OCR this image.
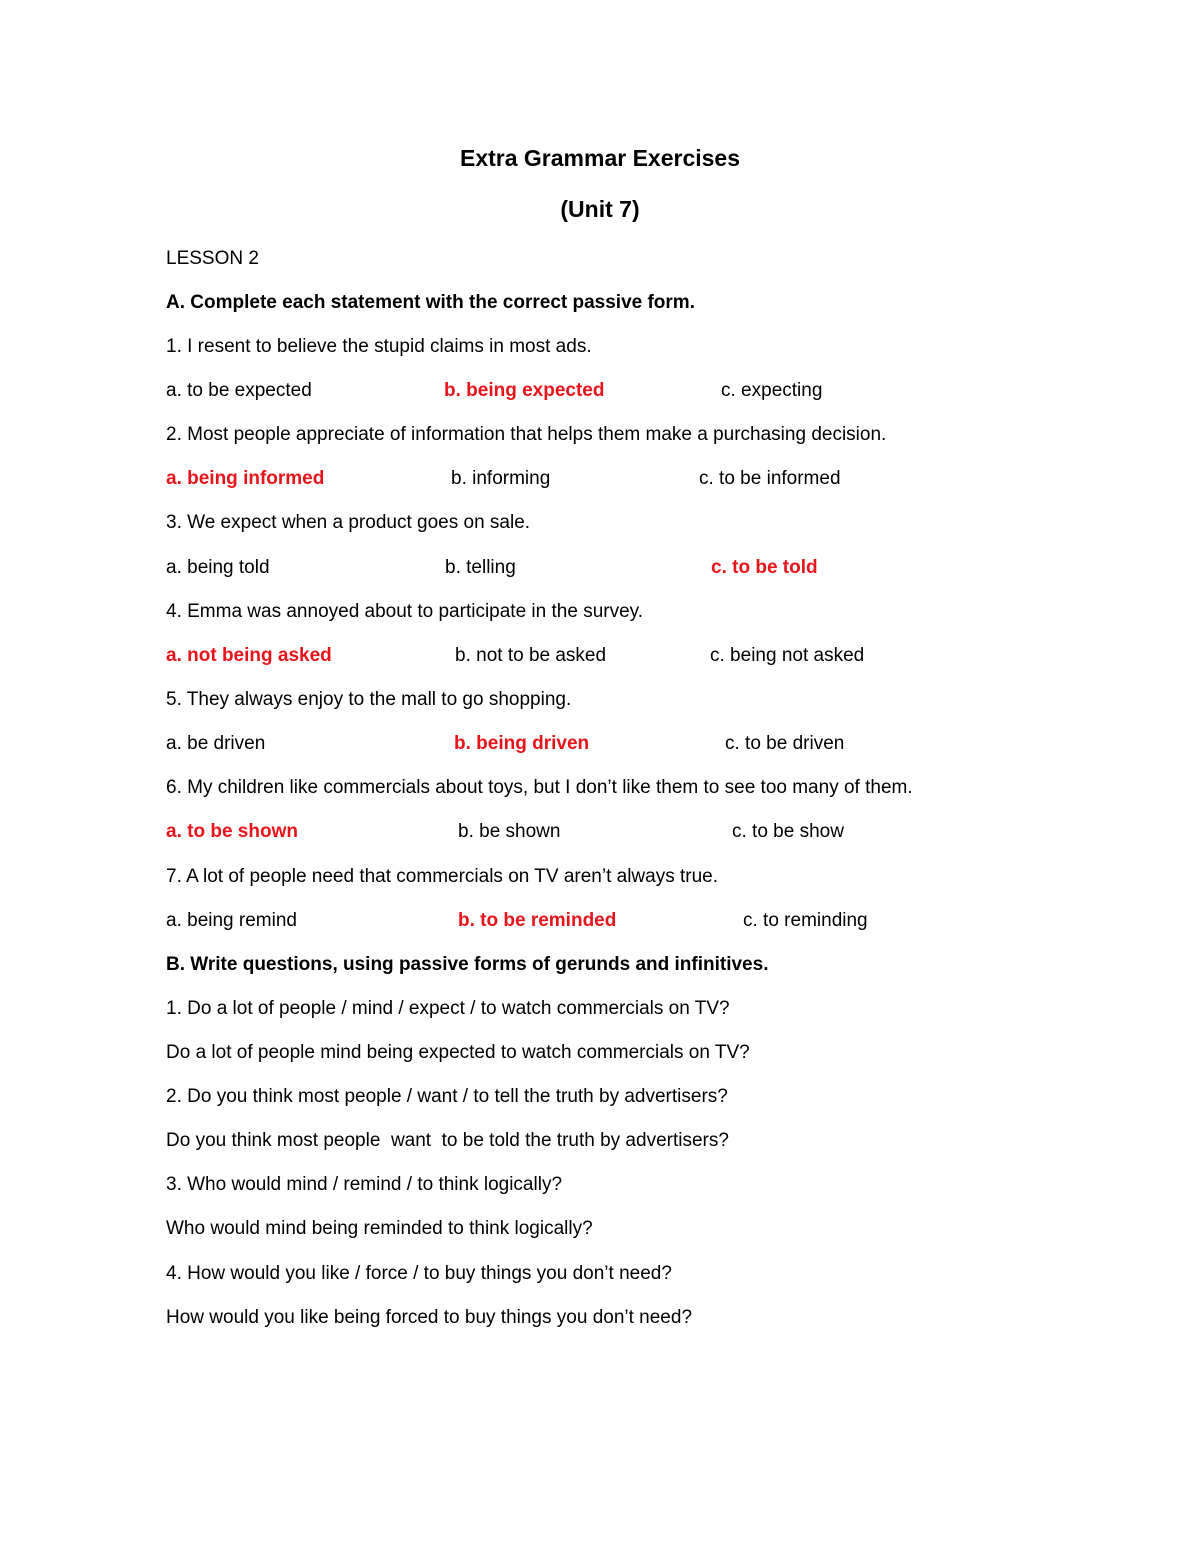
Extra Grammar Exercises
(Unit 7)
LESSON 2
A. Complete each statement with the correct passive form.
1. I resent to believe the stupid claims in most ads.
a. to be expected	b. being expected	c. expecting
2. Most people appreciate of information that helps them make a purchasing decision.
a. being informed	b. informing	c. to be informed
3. We expect when a product goes on sale.
a. being told	b. telling	c. to be told
4. Emma was annoyed about to participate in the survey.
a. not being asked	b. not to be asked	c. being not asked
5. They always enjoy to the mall to go shopping.
a. be driven	b. being driven	c. to be driven
6. My children like commercials about toys, but I don’t like them to see too many of them.
a. to be shown	b. be shown	c. to be show
7. A lot of people need that commercials on TV aren’t always true.
a. being remind	b. to be reminded	c. to reminding
B. Write questions, using passive forms of gerunds and infinitives.
1. Do a lot of people / mind / expect / to watch commercials on TV?
Do a lot of people mind being expected to watch commercials on TV?
2. Do you think most people / want / to tell the truth by advertisers?
Do you think most people  want  to be told the truth by advertisers?
3. Who would mind / remind / to think logically?
Who would mind being reminded to think logically?
4. How would you like / force / to buy things you don’t need?
How would you like being forced to buy things you don’t need?
